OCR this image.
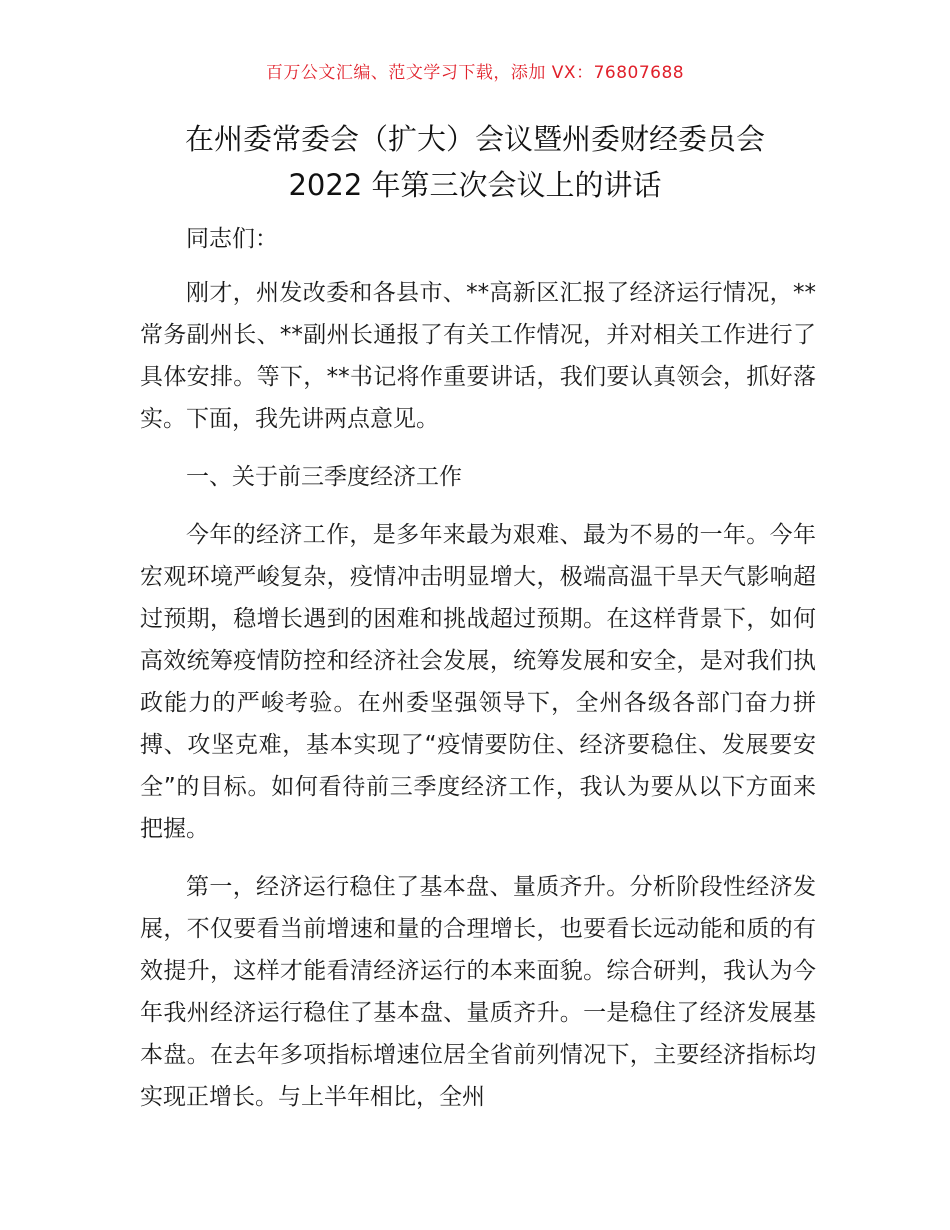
百万公文汇编、范文学习下载，添加 VX：76807688
在州委常委会（扩大）会议暨州委财经委员会
2022 年第三次会议上的讲话

同志们：

刚才，州发改委和各县市、**高新区汇报了经济运行情况，**常务副州长、**副州长通报了有关工作情况，并对相关工作进行了具体安排。等下，**书记将作重要讲话，我们要认真领会，抓好落实。下面，我先讲两点意见。

一、关于前三季度经济工作

今年的经济工作，是多年来最为艰难、最为不易的一年。今年宏观环境严峻复杂，疫情冲击明显增大，极端高温干旱天气影响超过预期，稳增长遇到的困难和挑战超过预期。在这样背景下，如何高效统筹疫情防控和经济社会发展，统筹发展和安全，是对我们执政能力的严峻考验。在州委坚强领导下，全州各级各部门奋力拼搏、攻坚克难，基本实现了“疫情要防住、经济要稳住、发展要安全”的目标。如何看待前三季度经济工作，我认为要从以下方面来把握。

第一，经济运行稳住了基本盘、量质齐升。分析阶段性经济发展，不仅要看当前增速和量的合理增长，也要看长远动能和质的有效提升，这样才能看清经济运行的本来面貌。综合研判，我认为今年我州经济运行稳住了基本盘、量质齐升。一是稳住了经济发展基本盘。在去年多项指标增速位居全省前列情况下，主要经济指标均实现正增长。与上半年相比，全州
